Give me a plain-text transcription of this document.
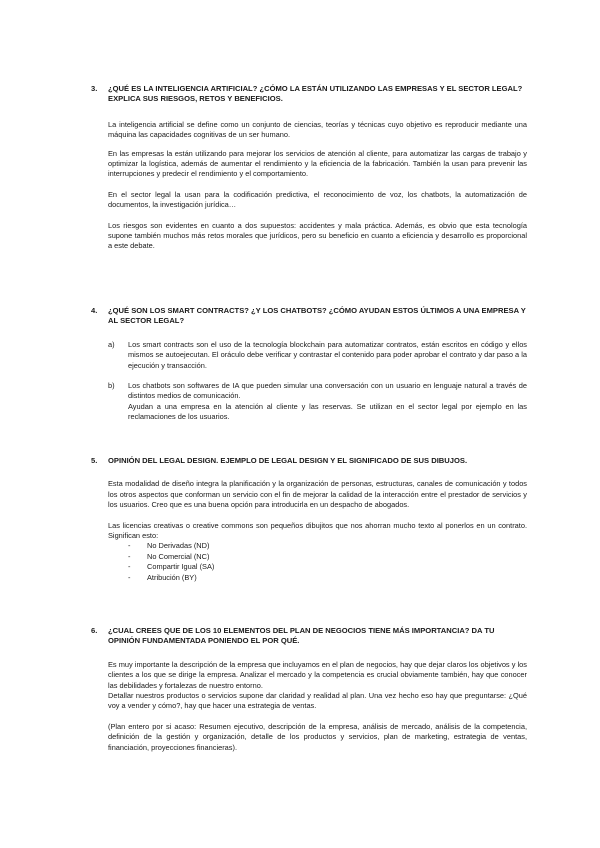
3. ¿QUÉ ES LA INTELIGENCIA ARTIFICIAL? ¿CÓMO LA ESTÁN UTILIZANDO LAS EMPRESAS Y EL SECTOR LEGAL? EXPLICA SUS RIESGOS, RETOS Y BENEFICIOS.

La inteligencia artificial se define como un conjunto de ciencias, teorías y técnicas cuyo objetivo es reproducir mediante una máquina las capacidades cognitivas de un ser humano.

En las empresas la están utilizando para mejorar los servicios de atención al cliente, para automatizar las cargas de trabajo y optimizar la logística, además de aumentar el rendimiento y la eficiencia de la fabricación. También la usan para prevenir las interrupciones y predecir el rendimiento y el comportamiento.

En el sector legal la usan para la codificación predictiva, el reconocimiento de voz, los chatbots, la automatización de documentos, la investigación jurídica…

Los riesgos son evidentes en cuanto a dos supuestos: accidentes y mala práctica. Además, es obvio que esta tecnología supone también muchos más retos morales que jurídicos, pero su beneficio en cuanto a eficiencia y desarrollo es proporcional a este debate.

4. ¿QUÉ SON LOS SMART CONTRACTS? ¿Y LOS CHATBOTS? ¿CÓMO AYUDAN ESTOS ÚLTIMOS A UNA EMPRESA Y AL SECTOR LEGAL?
a) Los smart contracts son el uso de la tecnología blockchain para automatizar contratos, están escritos en código y ellos mismos se autoejecutan. El oráculo debe verificar y contrastar el contenido para poder aprobar el contrato y dar paso a la ejecución y transacción.
b) Los chatbots son softwares de IA que pueden simular una conversación con un usuario en lenguaje natural a través de distintos medios de comunicación.
Ayudan a una empresa en la atención al cliente y las reservas. Se utilizan en el sector legal por ejemplo en las reclamaciones de los usuarios.
5. OPINIÓN DEL LEGAL DESIGN. EJEMPLO DE LEGAL DESIGN Y EL SIGNIFICADO DE SUS DIBUJOS.

Esta modalidad de diseño integra la planificación y la organización de personas, estructuras, canales de comunicación y todos los otros aspectos que conforman un servicio con el fin de mejorar la calidad de la interacción entre el prestador de servicios y los usuarios. Creo que es una buena opción para introducirla en un despacho de abogados.

Las licencias creativas o creative commons son pequeños dibujitos que nos ahorran mucho texto al ponerlos en un contrato. Significan esto:

- No Derivadas (ND)
- No Comercial (NC)
- Compartir Igual (SA)
- Atribución (BY)
6. ¿CUAL CREES QUE DE LOS 10 ELEMENTOS DEL PLAN DE NEGOCIOS TIENE MÁS IMPORTANCIA? DA TU OPINIÓN FUNDAMENTADA PONIENDO EL POR QUÉ.

Es muy importante la descripción de la empresa que incluyamos en el plan de negocios, hay que dejar claros los objetivos y los clientes a los que se dirige la empresa. Analizar el mercado y la competencia es crucial obviamente también, hay que conocer las debilidades y fortalezas de nuestro entorno.

Detallar nuestros productos o servicios supone dar claridad y realidad al plan. Una vez hecho eso hay que preguntarse: ¿Qué voy a vender y cómo?, hay que hacer una estrategia de ventas.

(Plan entero por si acaso: Resumen ejecutivo, descripción de la empresa, análisis de mercado, análisis de la competencia, definición de la gestión y organización, detalle de los productos y servicios, plan de marketing, estrategia de ventas, financiación, proyecciones financieras).
